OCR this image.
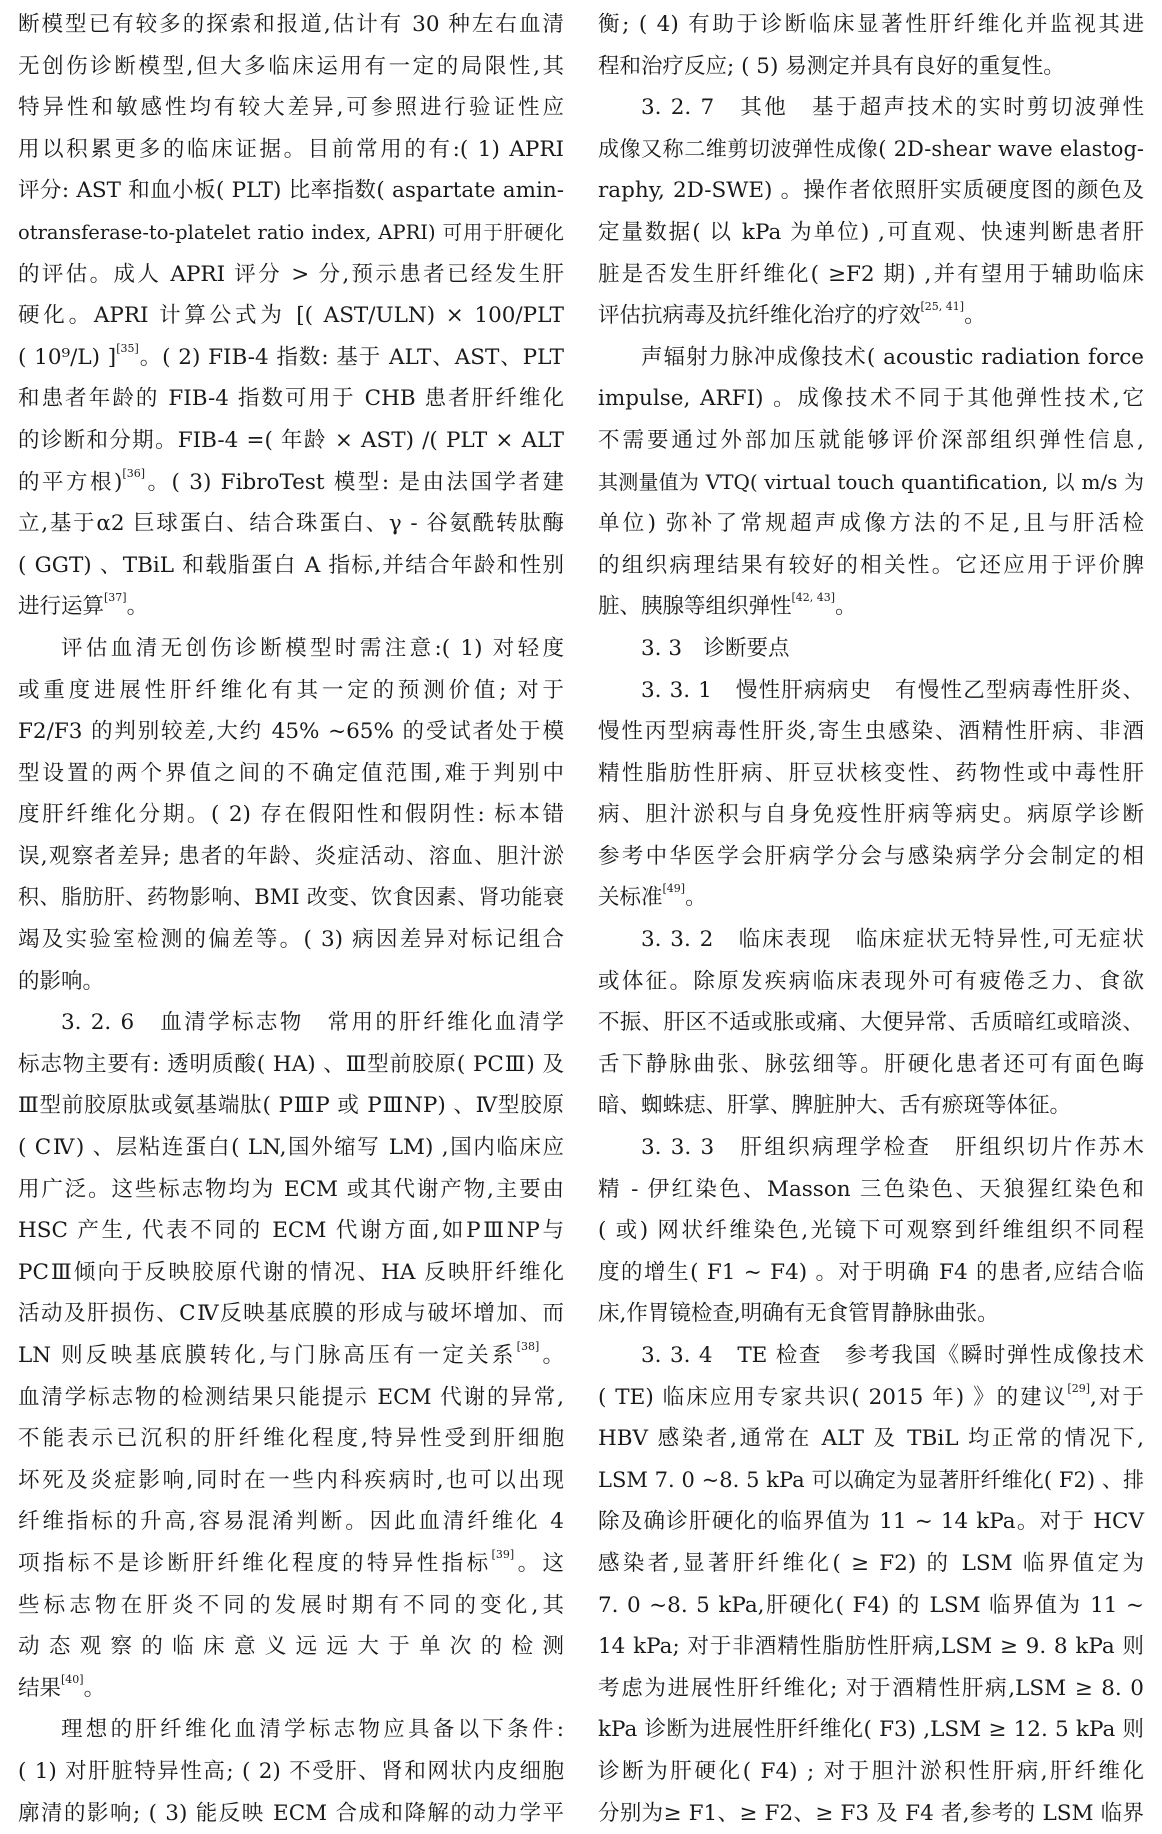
断模型已有较多的探索和报道,估计有 30 种左右血清
无创伤诊断模型,但大多临床运用有一定的局限性,其
特异性和敏感性均有较大差异,可参照进行验证性应
用以积累更多的临床证据。目前常用的有:( 1) APRI
评分: AST 和血小板( PLT) 比率指数( aspartate amin-
otransferase-to-platelet ratio index, APRI) 可用于肝硬化
的评估。成人 APRI 评分 > 分,预示患者已经发生肝
硬化。APRI 计算公式为 [( AST/ULN) × 100/PLT
( 10⁹/L) ][35]。( 2) FIB-4 指数: 基于 ALT、AST、PLT
和患者年龄的 FIB-4 指数可用于 CHB 患者肝纤维化
的诊断和分期。FIB-4 =( 年龄 × AST) /( PLT × ALT
的平方根)[36]。( 3) FibroTest 模型: 是由法国学者建
立,基于α2 巨球蛋白、结合珠蛋白、γ - 谷氨酰转肽酶
( GGT) 、TBiL 和载脂蛋白 A 指标,并结合年龄和性别
进行运算[37]。
评估血清无创伤诊断模型时需注意:( 1) 对轻度
或重度进展性肝纤维化有其一定的预测价值; 对于
F2/F3 的判别较差,大约 45% ~65% 的受试者处于模
型设置的两个界值之间的不确定值范围,难于判别中
度肝纤维化分期。( 2) 存在假阳性和假阴性: 标本错
误,观察者差异; 患者的年龄、炎症活动、溶血、胆汁淤
积、脂肪肝、药物影响、BMI 改变、饮食因素、肾功能衰
竭及实验室检测的偏差等。( 3) 病因差异对标记组合
的影响。
3. 2. 6　血清学标志物　常用的肝纤维化血清学
标志物主要有: 透明质酸( HA) 、Ⅲ型前胶原( PCⅢ) 及
Ⅲ型前胶原肽或氨基端肽( PⅢP 或 PⅢNP) 、Ⅳ型胶原
( CⅣ) 、层粘连蛋白( LN,国外缩写 LM) ,国内临床应
用广泛。这些标志物均为 ECM 或其代谢产物,主要由
HSC 产生, 代表不同的 ECM 代谢方面,如PⅢNP与
PCⅢ倾向于反映胶原代谢的情况、HA 反映肝纤维化
活动及肝损伤、CⅣ反映基底膜的形成与破坏增加、而
LN 则反映基底膜转化,与门脉高压有一定关系[38]。
血清学标志物的检测结果只能提示 ECM 代谢的异常,
不能表示已沉积的肝纤维化程度,特异性受到肝细胞
坏死及炎症影响,同时在一些内科疾病时,也可以出现
纤维指标的升高,容易混淆判断。因此血清纤维化 4
项指标不是诊断肝纤维化程度的特异性指标[39]。这
些标志物在肝炎不同的发展时期有不同的变化,其
动态观察的临床意义远远大于单次的检测
结果[40]。
理想的肝纤维化血清学标志物应具备以下条件:
( 1) 对肝脏特异性高; ( 2) 不受肝、肾和网状内皮细胞
廓清的影响; ( 3) 能反映 ECM 合成和降解的动力学平
衡; ( 4) 有助于诊断临床显著性肝纤维化并监视其进
程和治疗反应; ( 5) 易测定并具有良好的重复性。
3. 2. 7　其他　基于超声技术的实时剪切波弹性
成像又称二维剪切波弹性成像( 2D-shear wave elastog-
raphy, 2D-SWE) 。操作者依照肝实质硬度图的颜色及
定量数据( 以 kPa 为单位) ,可直观、快速判断患者肝
脏是否发生肝纤维化( ≥F2 期) ,并有望用于辅助临床
评估抗病毒及抗纤维化治疗的疗效[25, 41]。
声辐射力脉冲成像技术( acoustic radiation force
impulse, ARFI) 。成像技术不同于其他弹性技术,它
不需要通过外部加压就能够评价深部组织弹性信息,
其测量值为 VTQ( virtual touch quantification, 以 m/s 为
单位) 弥补了常规超声成像方法的不足,且与肝活检
的组织病理结果有较好的相关性。它还应用于评价脾
脏、胰腺等组织弹性[42, 43]。
3. 3　诊断要点
3. 3. 1　慢性肝病病史　有慢性乙型病毒性肝炎、
慢性丙型病毒性肝炎,寄生虫感染、酒精性肝病、非酒
精性脂肪性肝病、肝豆状核变性、药物性或中毒性肝
病、胆汁淤积与自身免疫性肝病等病史。病原学诊断
参考中华医学会肝病学分会与感染病学分会制定的相
关标准[49]。
3. 3. 2　临床表现　临床症状无特异性,可无症状
或体征。除原发疾病临床表现外可有疲倦乏力、食欲
不振、肝区不适或胀或痛、大便异常、舌质暗红或暗淡、
舌下静脉曲张、脉弦细等。肝硬化患者还可有面色晦
暗、蜘蛛痣、肝掌、脾脏肿大、舌有瘀斑等体征。
3. 3. 3　肝组织病理学检查　肝组织切片作苏木
精 - 伊红染色、Masson 三色染色、天狼猩红染色和
( 或) 网状纤维染色,光镜下可观察到纤维组织不同程
度的增生( F1 ~ F4) 。对于明确 F4 的患者,应结合临
床,作胃镜检查,明确有无食管胃静脉曲张。
3. 3. 4　TE 检查　参考我国《瞬时弹性成像技术
( TE) 临床应用专家共识( 2015 年) 》的建议[29],对于
HBV 感染者,通常在 ALT 及 TBiL 均正常的情况下,
LSM 7. 0 ~8. 5 kPa 可以确定为显著肝纤维化( F2) 、排
除及确诊肝硬化的临界值为 11 ~ 14 kPa。对于 HCV
感染者,显著肝纤维化( ≥ F2) 的 LSM 临界值定为
7. 0 ~8. 5 kPa,肝硬化( F4) 的 LSM 临界值为 11 ~
14 kPa; 对于非酒精性脂肪性肝病,LSM ≥ 9. 8 kPa 则
考虑为进展性肝纤维化; 对于酒精性肝病,LSM ≥ 8. 0
kPa 诊断为进展性肝纤维化( F3) ,LSM ≥ 12. 5 kPa 则
诊断为肝硬化( F4) ; 对于胆汁淤积性肝病,肝纤维化
分别为≥ F1、≥ F2、≥ F3 及 F4 者,参考的 LSM 临界
